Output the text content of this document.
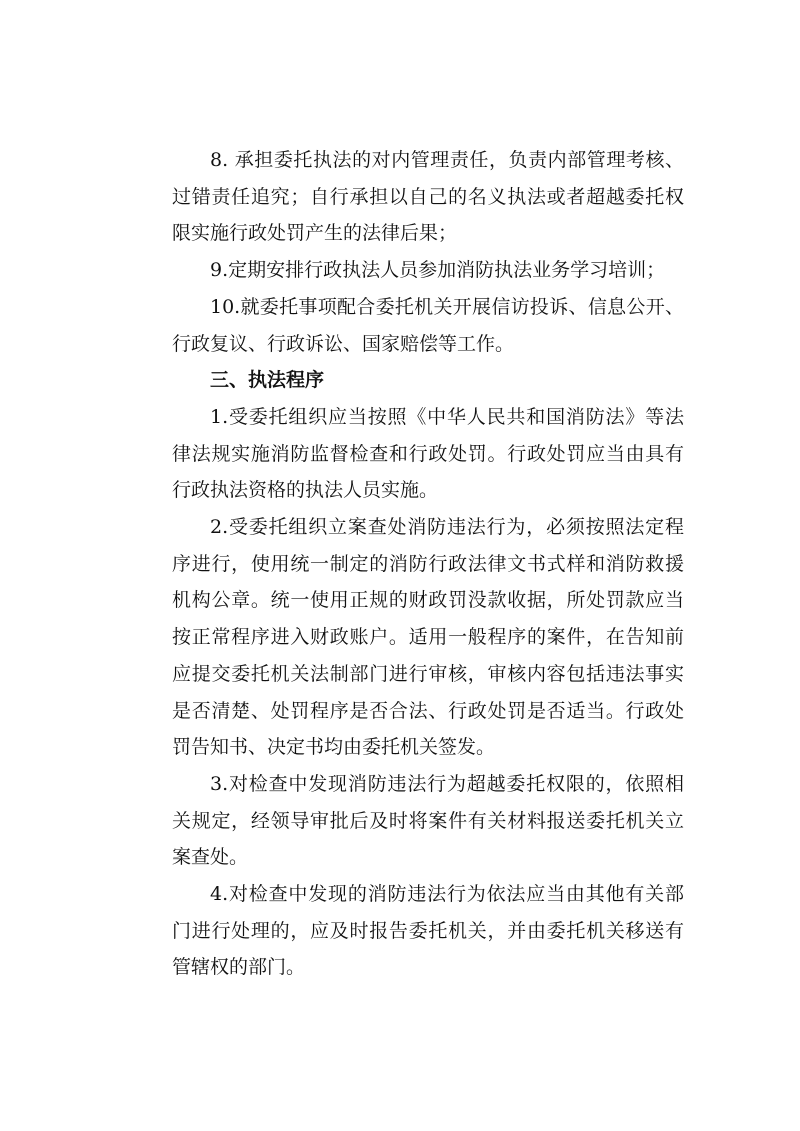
8. 承担委托执法的对内管理责任，负责内部管理考核、过错责任追究；自行承担以自己的名义执法或者超越委托权限实施行政处罚产生的法律后果；

9.定期安排行政执法人员参加消防执法业务学习培训；

10.就委托事项配合委托机关开展信访投诉、信息公开、行政复议、行政诉讼、国家赔偿等工作。

三、执法程序

1.受委托组织应当按照《中华人民共和国消防法》等法律法规实施消防监督检查和行政处罚。行政处罚应当由具有行政执法资格的执法人员实施。

2.受委托组织立案查处消防违法行为，必须按照法定程序进行，使用统一制定的消防行政法律文书式样和消防救援机构公章。统一使用正规的财政罚没款收据，所处罚款应当按正常程序进入财政账户。适用一般程序的案件，在告知前应提交委托机关法制部门进行审核，审核内容包括违法事实是否清楚、处罚程序是否合法、行政处罚是否适当。行政处罚告知书、决定书均由委托机关签发。

3.对检查中发现消防违法行为超越委托权限的，依照相关规定，经领导审批后及时将案件有关材料报送委托机关立案查处。

4.对检查中发现的消防违法行为依法应当由其他有关部门进行处理的，应及时报告委托机关，并由委托机关移送有管辖权的部门。
